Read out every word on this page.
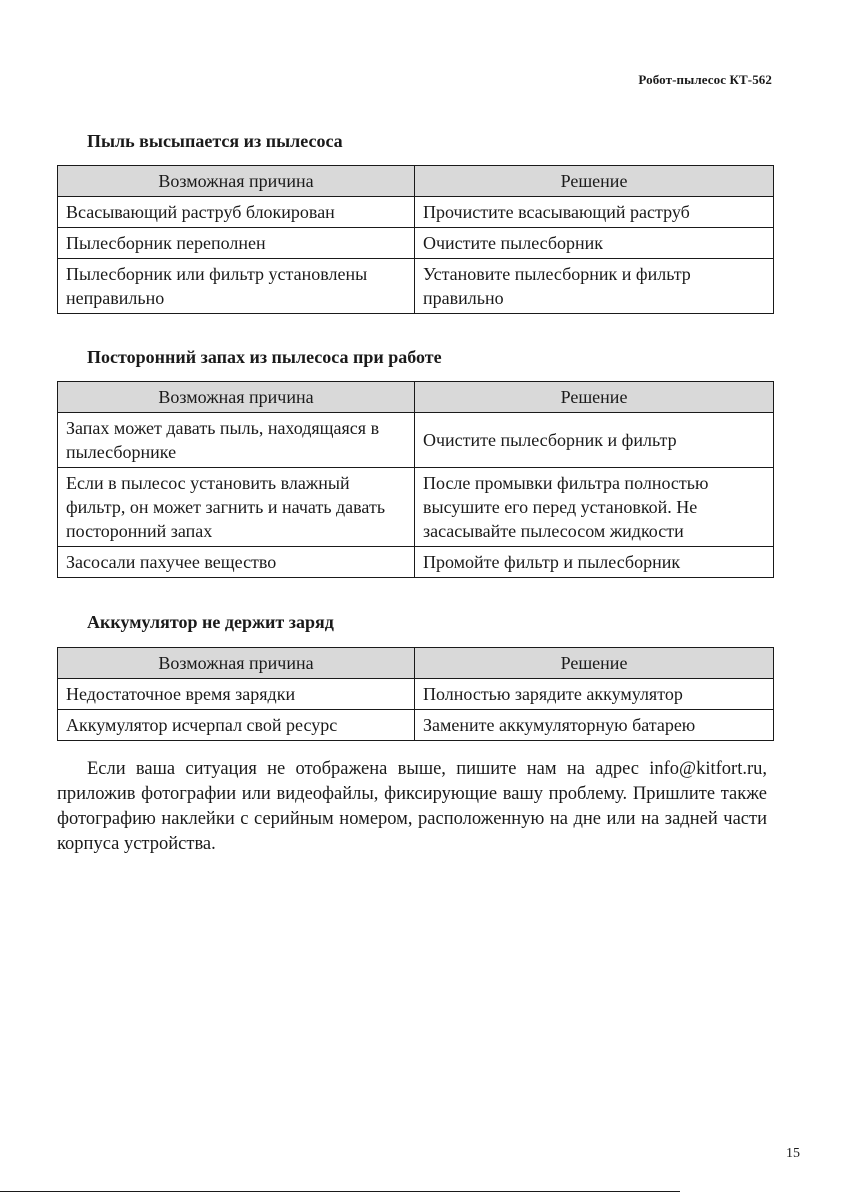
Робот-пылесос КТ-562
Пыль высыпается из пылесоса
Возможная причина	Решение
Всасывающий раструб блокирован	Прочистите всасывающий раструб
Пылесборник переполнен	Очистите пылесборник
Пылесборник или фильтр установлены неправильно	Установите пылесборник и фильтр правильно
Посторонний запах из пылесоса при работе
Возможная причина	Решение
Запах может давать пыль, находящаяся в пылесборнике	Очистите пылесборник и фильтр
Если в пылесос установить влажный фильтр, он может загнить и начать давать посторонний запах	После промывки фильтра полностью высушите его перед установкой. Не засасывайте пылесосом жидкости
Засосали пахучее вещество	Промойте фильтр и пылесборник
Аккумулятор не держит заряд
Возможная причина	Решение
Недостаточное время зарядки	Полностью зарядите аккумулятор
Аккумулятор исчерпал свой ресурс	Замените аккумуляторную батарею

Если ваша ситуация не отображена выше, пишите нам на адрес info@kitfort.ru, приложив фотографии или видеофайлы, фиксирующие вашу проблему. Пришлите также фотографию наклейки с серийным номером, расположенную на дне или на задней части корпуса устройства.

15
